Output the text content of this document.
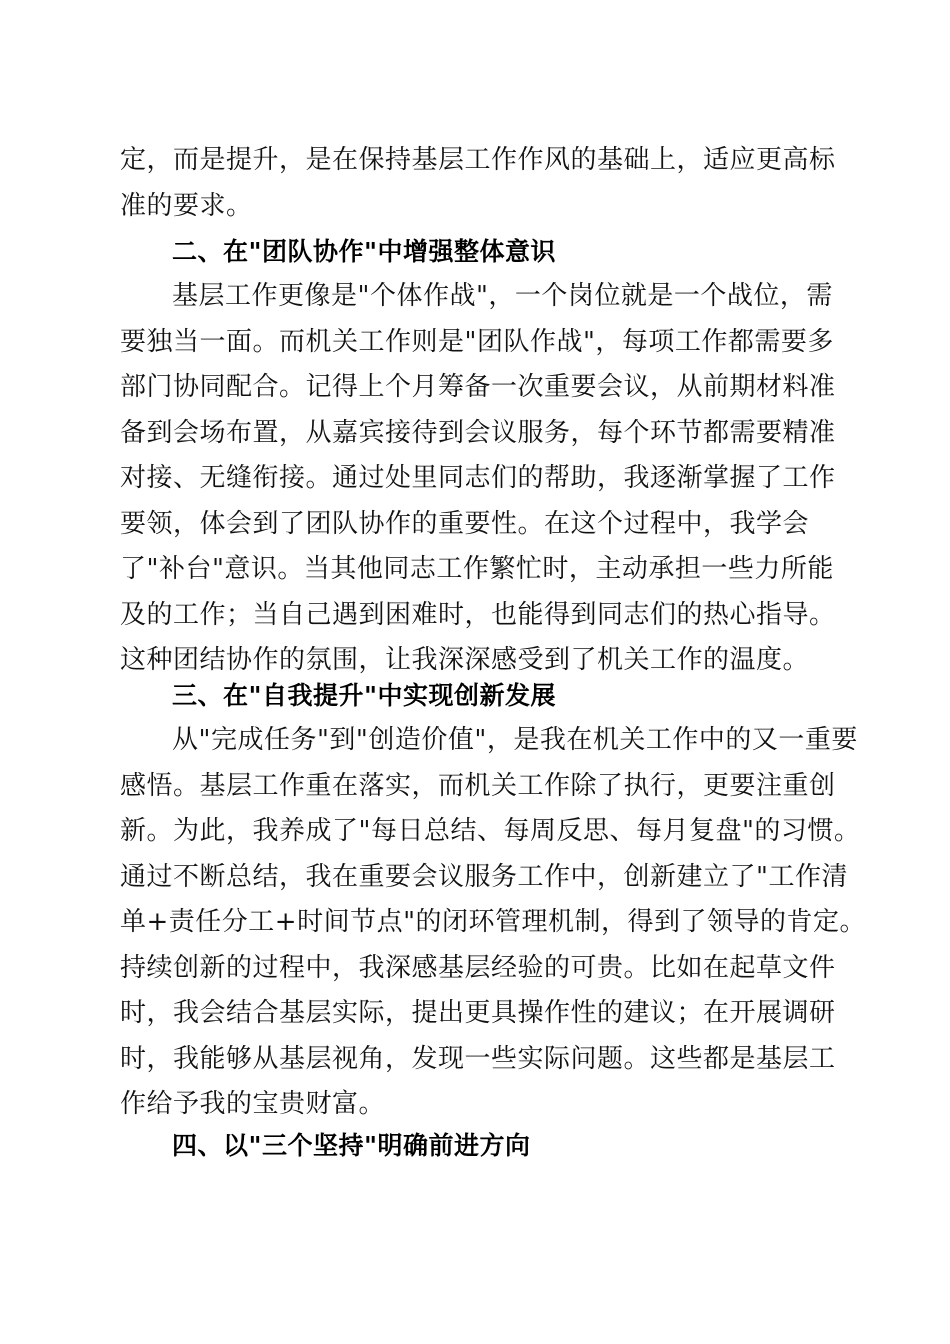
定，而是提升，是在保持基层工作作风的基础上，适应更高标
准的要求。
二、在"团队协作"中增强整体意识
基层工作更像是"个体作战"，一个岗位就是一个战位，需
要独当一面。而机关工作则是"团队作战"，每项工作都需要多
部门协同配合。记得上个月筹备一次重要会议，从前期材料准
备到会场布置，从嘉宾接待到会议服务，每个环节都需要精准
对接、无缝衔接。通过处里同志们的帮助，我逐渐掌握了工作
要领，体会到了团队协作的重要性。在这个过程中，我学会
了"补台"意识。当其他同志工作繁忙时，主动承担一些力所能
及的工作；当自己遇到困难时，也能得到同志们的热心指导。
这种团结协作的氛围，让我深深感受到了机关工作的温度。
三、在"自我提升"中实现创新发展
从"完成任务"到"创造价值"，是我在机关工作中的又一重要
感悟。基层工作重在落实，而机关工作除了执行，更要注重创
新。为此，我养成了"每日总结、每周反思、每月复盘"的习惯。
通过不断总结，我在重要会议服务工作中，创新建立了"工作清
单+责任分工+时间节点"的闭环管理机制，得到了领导的肯定。
持续创新的过程中，我深感基层经验的可贵。比如在起草文件
时，我会结合基层实际，提出更具操作性的建议；在开展调研
时，我能够从基层视角，发现一些实际问题。这些都是基层工
作给予我的宝贵财富。
四、以"三个坚持"明确前进方向
